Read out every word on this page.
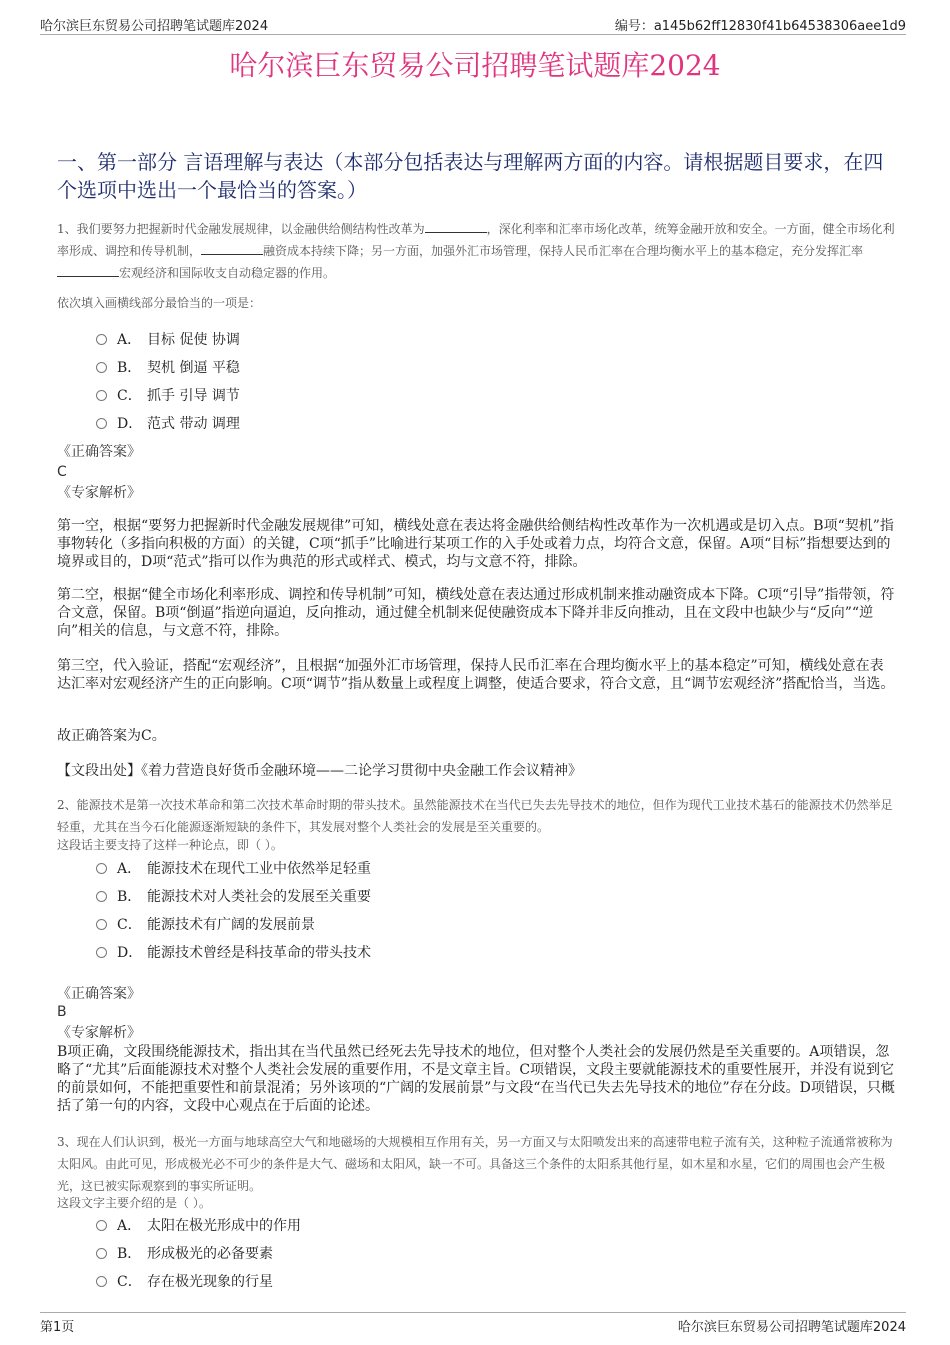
哈尔滨巨东贸易公司招聘笔试题库2024	编号：a145b62ff12830f41b64538306aee1d9
哈尔滨巨东贸易公司招聘笔试题库2024
一、第一部分 言语理解与表达（本部分包括表达与理解两方面的内容。请根据题目要求，在四个选项中选出一个最恰当的答案。）
1、我们要努力把握新时代金融发展规律，以金融供给侧结构性改革为	，深化利率和汇率市场化改革，统筹金融开放和安全。一方面，健全市场化利率形成、调控和传导机制，	融资成本持续下降；另一方面，加强外汇市场管理，保持人民币汇率在合理均衡水平上的基本稳定，充分发挥汇率宏观经济和国际收支自动稳定器的作用。
依次填入画横线部分最恰当的一项是：
A． 目标 促使 协调
B． 契机 倒逼 平稳
C． 抓手 引导 调节
D． 范式 带动 调理
《正确答案》
C
《专家解析》
第一空，根据“要努力把握新时代金融发展规律”可知，横线处意在表达将金融供给侧结构性改革作为一次机遇或是切入点。B项“契机”指事物转化（多指向积极的方面）的关键，C项“抓手”比喻进行某项工作的入手处或着力点，均符合文意，保留。A项“目标”指想要达到的境界或目的，D项“范式”指可以作为典范的形式或样式、模式，均与文意不符，排除。
第二空，根据“健全市场化利率形成、调控和传导机制”可知，横线处意在表达通过形成机制来推动融资成本下降。C项“引导”指带领，符合文意，保留。B项“倒逼”指逆向逼迫，反向推动，通过健全机制来促使融资成本下降并非反向推动，且在文段中也缺少与“反向”“逆向”相关的信息，与文意不符，排除。
第三空，代入验证，搭配“宏观经济”，且根据“加强外汇市场管理，保持人民币汇率在合理均衡水平上的基本稳定”可知，横线处意在表达汇率对宏观经济产生的正向影响。C项“调节”指从数量上或程度上调整，使适合要求，符合文意，且“调节宏观经济”搭配恰当，当选。
故正确答案为C。
【文段出处】《着力营造良好货币金融环境——二论学习贯彻中央金融工作会议精神》
2、能源技术是第一次技术革命和第二次技术革命时期的带头技术。虽然能源技术在当代已失去先导技术的地位，但作为现代工业技术基石的能源技术仍然举足轻重，尤其在当今石化能源逐渐短缺的条件下，其发展对整个人类社会的发展是至关重要的。
这段话主要支持了这样一种论点，即（ ）。
A． 能源技术在现代工业中依然举足轻重
B． 能源技术对人类社会的发展至关重要
C． 能源技术有广阔的发展前景
D． 能源技术曾经是科技革命的带头技术
《正确答案》
B
《专家解析》
B项正确，文段围绕能源技术，指出其在当代虽然已经死去先导技术的地位，但对整个人类社会的发展仍然是至关重要的。A项错误，忽略了“尤其”后面能源技术对整个人类社会发展的重要作用，不是文章主旨。C项错误，文段主要就能源技术的重要性展开，并没有说到它的前景如何，不能把重要性和前景混淆；另外该项的“广阔的发展前景”与文段“在当代已失去先导技术的地位”存在分歧。D项错误，只概括了第一句的内容，文段中心观点在于后面的论述。
3、现在人们认识到，极光一方面与地球高空大气和地磁场的大规模相互作用有关，另一方面又与太阳喷发出来的高速带电粒子流有关，这种粒子流通常被称为太阳风。由此可见，形成极光必不可少的条件是大气、磁场和太阳风，缺一不可。具备这三个条件的太阳系其他行星，如木星和水星，它们的周围也会产生极光，这已被实际观察到的事实所证明。
这段文字主要介绍的是（ ）。
A． 太阳在极光形成中的作用
B． 形成极光的必备要素
C． 存在极光现象的行星
第1页	哈尔滨巨东贸易公司招聘笔试题库2024
